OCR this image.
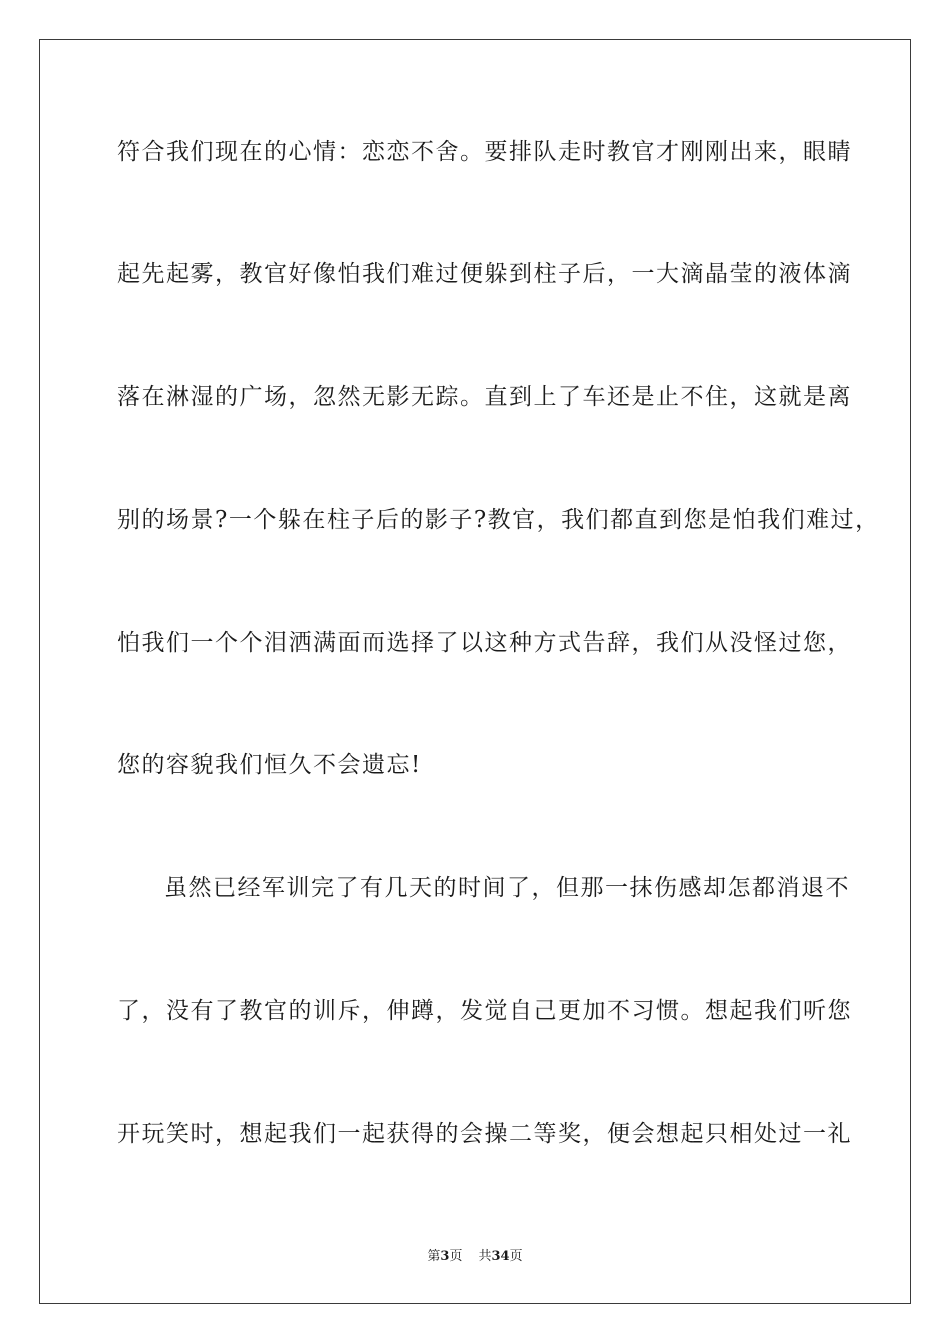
符合我们现在的心情：恋恋不舍。要排队走时教官才刚刚出来，眼睛
起先起雾，教官好像怕我们难过便躲到柱子后，一大滴晶莹的液体滴
落在淋湿的广场，忽然无影无踪。直到上了车还是止不住，这就是离
别的场景?一个躲在柱子后的影子?教官，我们都直到您是怕我们难过，
怕我们一个个泪洒满面而选择了以这种方式告辞，我们从没怪过您，
您的容貌我们恒久不会遗忘!
虽然已经军训完了有几天的时间了，但那一抹伤感却怎都消退不
了，没有了教官的训斥，伸蹲，发觉自己更加不习惯。想起我们听您
开玩笑时，想起我们一起获得的会操二等奖，便会想起只相处过一礼
第3页 共34页
